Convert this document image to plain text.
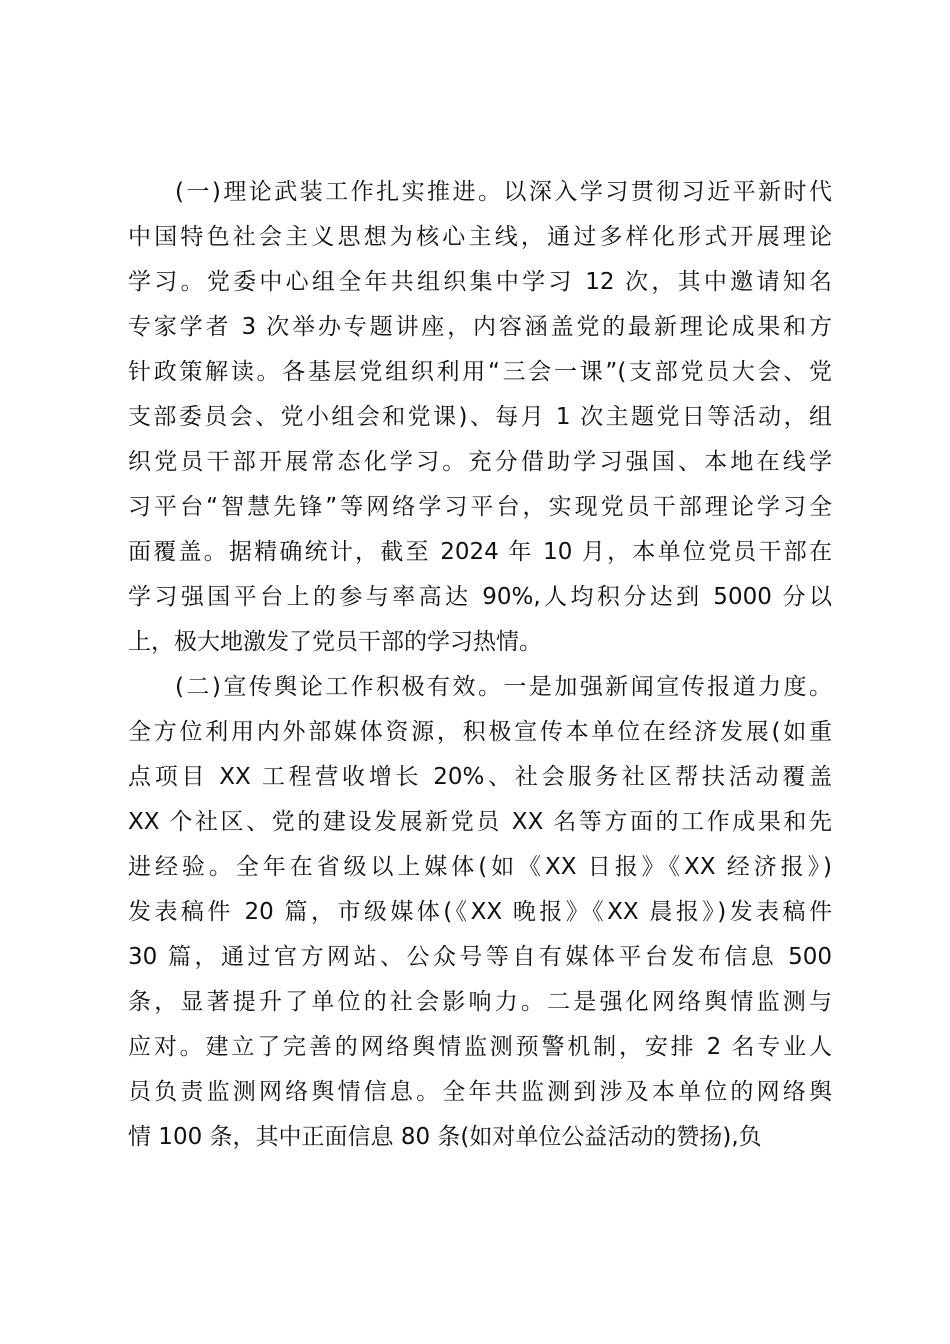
(一)理论武装工作扎实推进。以深入学习贯彻习近平新时代
中国特色社会主义思想为核心主线，通过多样化形式开展理论
学习。党委中心组全年共组织集中学习 12 次，其中邀请知名
专家学者 3 次举办专题讲座，内容涵盖党的最新理论成果和方
针政策解读。各基层党组织利用“三会一课”(支部党员大会、党
支部委员会、党小组会和党课)、每月 1 次主题党日等活动，组
织党员干部开展常态化学习。充分借助学习强国、本地在线学
习平台“智慧先锋”等网络学习平台，实现党员干部理论学习全
面覆盖。据精确统计，截至 2024 年 10 月，本单位党员干部在
学习强国平台上的参与率高达 90%,人均积分达到 5000 分以
上，极大地激发了党员干部的学习热情。
(二)宣传舆论工作积极有效。一是加强新闻宣传报道力度。
全方位利用内外部媒体资源，积极宣传本单位在经济发展(如重
点项目 XX 工程营收增长 20%、社会服务社区帮扶活动覆盖
XX 个社区、党的建设发展新党员 XX 名等方面的工作成果和先
进经验。全年在省级以上媒体(如《XX 日报》《XX 经济报》)
发表稿件 20 篇，市级媒体(《XX 晚报》《XX 晨报》)发表稿件
30 篇，通过官方网站、公众号等自有媒体平台发布信息 500
条，显著提升了单位的社会影响力。二是强化网络舆情监测与
应对。建立了完善的网络舆情监测预警机制，安排 2 名专业人
员负责监测网络舆情信息。全年共监测到涉及本单位的网络舆
情 100 条，其中正面信息 80 条(如对单位公益活动的赞扬),负
